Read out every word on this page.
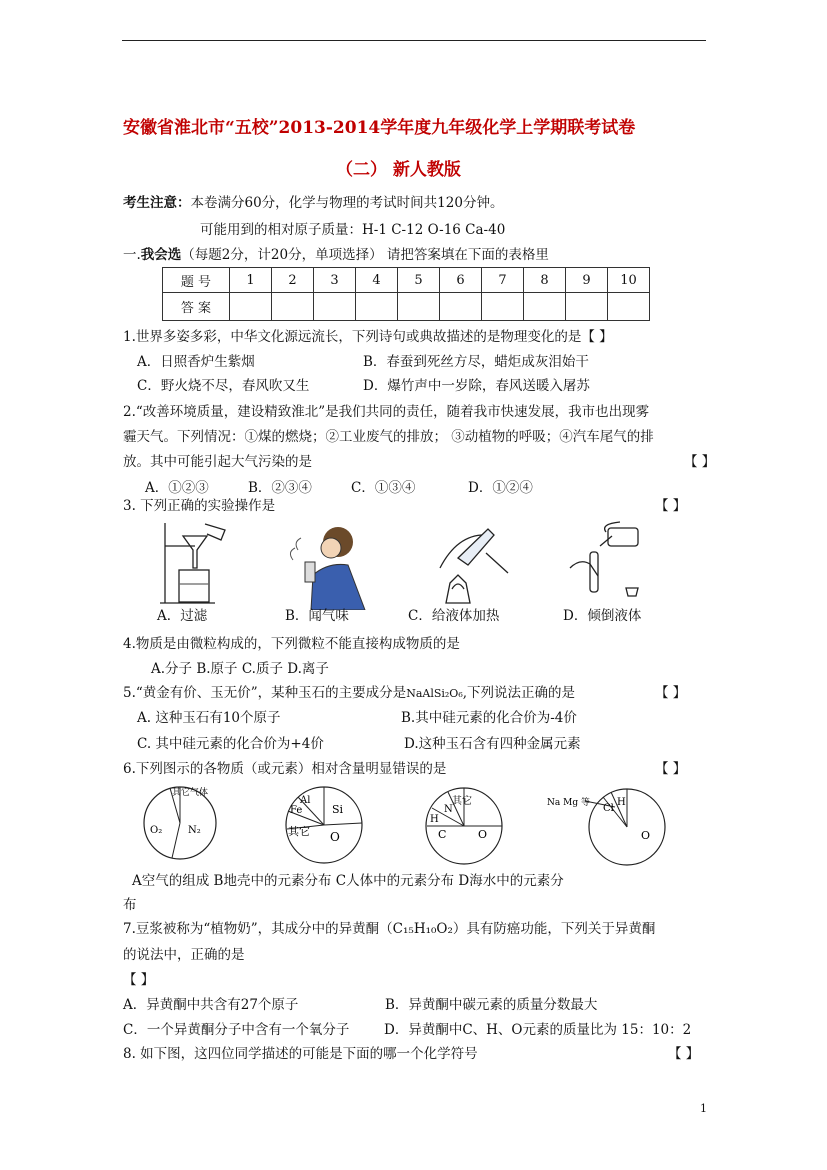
安徽省淮北市“五校”2013-2014学年度九年级化学上学期联考试卷
（二） 新人教版
考生注意：本卷满分60分，化学与物理的考试时间共120分钟。
可能用到的相对原子质量：H-1 C-12 O-16 Ca-40
一.我会选（每题2分，计20分，单项选择） 请把答案填在下面的表格里
题 号	1	2	3	4	5	6	7	8	9	10
答 案										
1.世界多姿多彩，中华文化源远流长，下列诗句或典故描述的是物理变化的是【 】
A．日照香炉生紫烟	B．春蚕到死丝方尽，蜡炬成灰泪始干
C．野火烧不尽，春风吹又生	D．爆竹声中一岁除，春风送暖入屠苏
2.“改善环境质量，建设精致淮北”是我们共同的责任，随着我市快速发展，我市也出现雾
霾天气。下列情况：①煤的燃烧；②工业废气的排放； ③动植物的呼吸；④汽车尾气的排
放。其中可能引起大气污染的是	【 】
A．①②③	B．②③④	C．①③④	D．①②④
3. 下列正确的实验操作是	【 】
A．过滤	B．闻气味	C．给液体加热	D．倾倒液体
4.物质是由微粒构成的，下列微粒不能直接构成物质的是
A.分子 B.原子 C.质子 D.离子
5.“黄金有价、玉无价”，某种玉石的主要成分是NaAlSi₂O₆,下列说法正确的是	【 】
A. 这种玉石有10个原子	B.其中硅元素的化合价为-4价
C. 其中硅元素的化合价为+4价	D.这种玉石含有四种金属元素
6.下列图示的各物质（或元素）相对含量明显错误的是	【 】
其它气体
O₂	N₂
Al
Fe	Si
其它 O
其它
N
H
C	O
Na Mg 等 Cl
H
O
A空气的组成 B地壳中的元素分布 C人体中的元素分布 D海水中的元素分
布
7.豆浆被称为“植物奶”，其成分中的异黄酮（C₁₅H₁₀O₂）具有防癌功能，下列关于异黄酮
的说法中，正确的是
【 】
A．异黄酮中共含有27个原子	B．异黄酮中碳元素的质量分数最大
C．一个异黄酮分子中含有一个氧分子	D．异黄酮中C、H、O元素的质量比为 15：10：2
8. 如下图，这四位同学描述的可能是下面的哪一个化学符号	【 】
1
